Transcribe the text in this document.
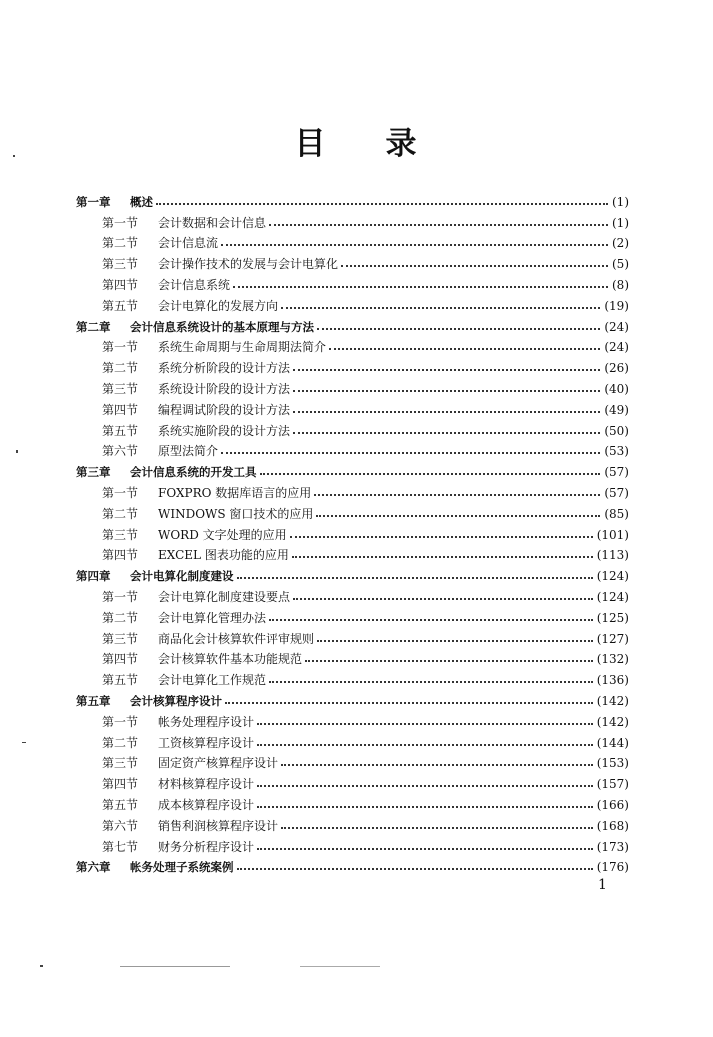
目 录
第一章	概述	(1)
第一节	会计数据和会计信息	(1)
第二节	会计信息流	(2)
第三节	会计操作技术的发展与会计电算化	(5)
第四节	会计信息系统	(8)
第五节	会计电算化的发展方向	(19)
第二章	会计信息系统设计的基本原理与方法	(24)
第一节	系统生命周期与生命周期法简介	(24)
第二节	系统分析阶段的设计方法	(26)
第三节	系统设计阶段的设计方法	(40)
第四节	编程调试阶段的设计方法	(49)
第五节	系统实施阶段的设计方法	(50)
第六节	原型法简介	(53)
第三章	会计信息系统的开发工具	(57)
第一节	FOXPRO 数据库语言的应用	(57)
第二节	WINDOWS 窗口技术的应用	(85)
第三节	WORD 文字处理的应用	(101)
第四节	EXCEL 图表功能的应用	(113)
第四章	会计电算化制度建设	(124)
第一节	会计电算化制度建设要点	(124)
第二节	会计电算化管理办法	(125)
第三节	商品化会计核算软件评审规则	(127)
第四节	会计核算软件基本功能规范	(132)
第五节	会计电算化工作规范	(136)
第五章	会计核算程序设计	(142)
第一节	帐务处理程序设计	(142)
第二节	工资核算程序设计	(144)
第三节	固定资产核算程序设计	(153)
第四节	材料核算程序设计	(157)
第五节	成本核算程序设计	(166)
第六节	销售利润核算程序设计	(168)
第七节	财务分析程序设计	(173)
第六章	帐务处理子系统案例	(176)
1
